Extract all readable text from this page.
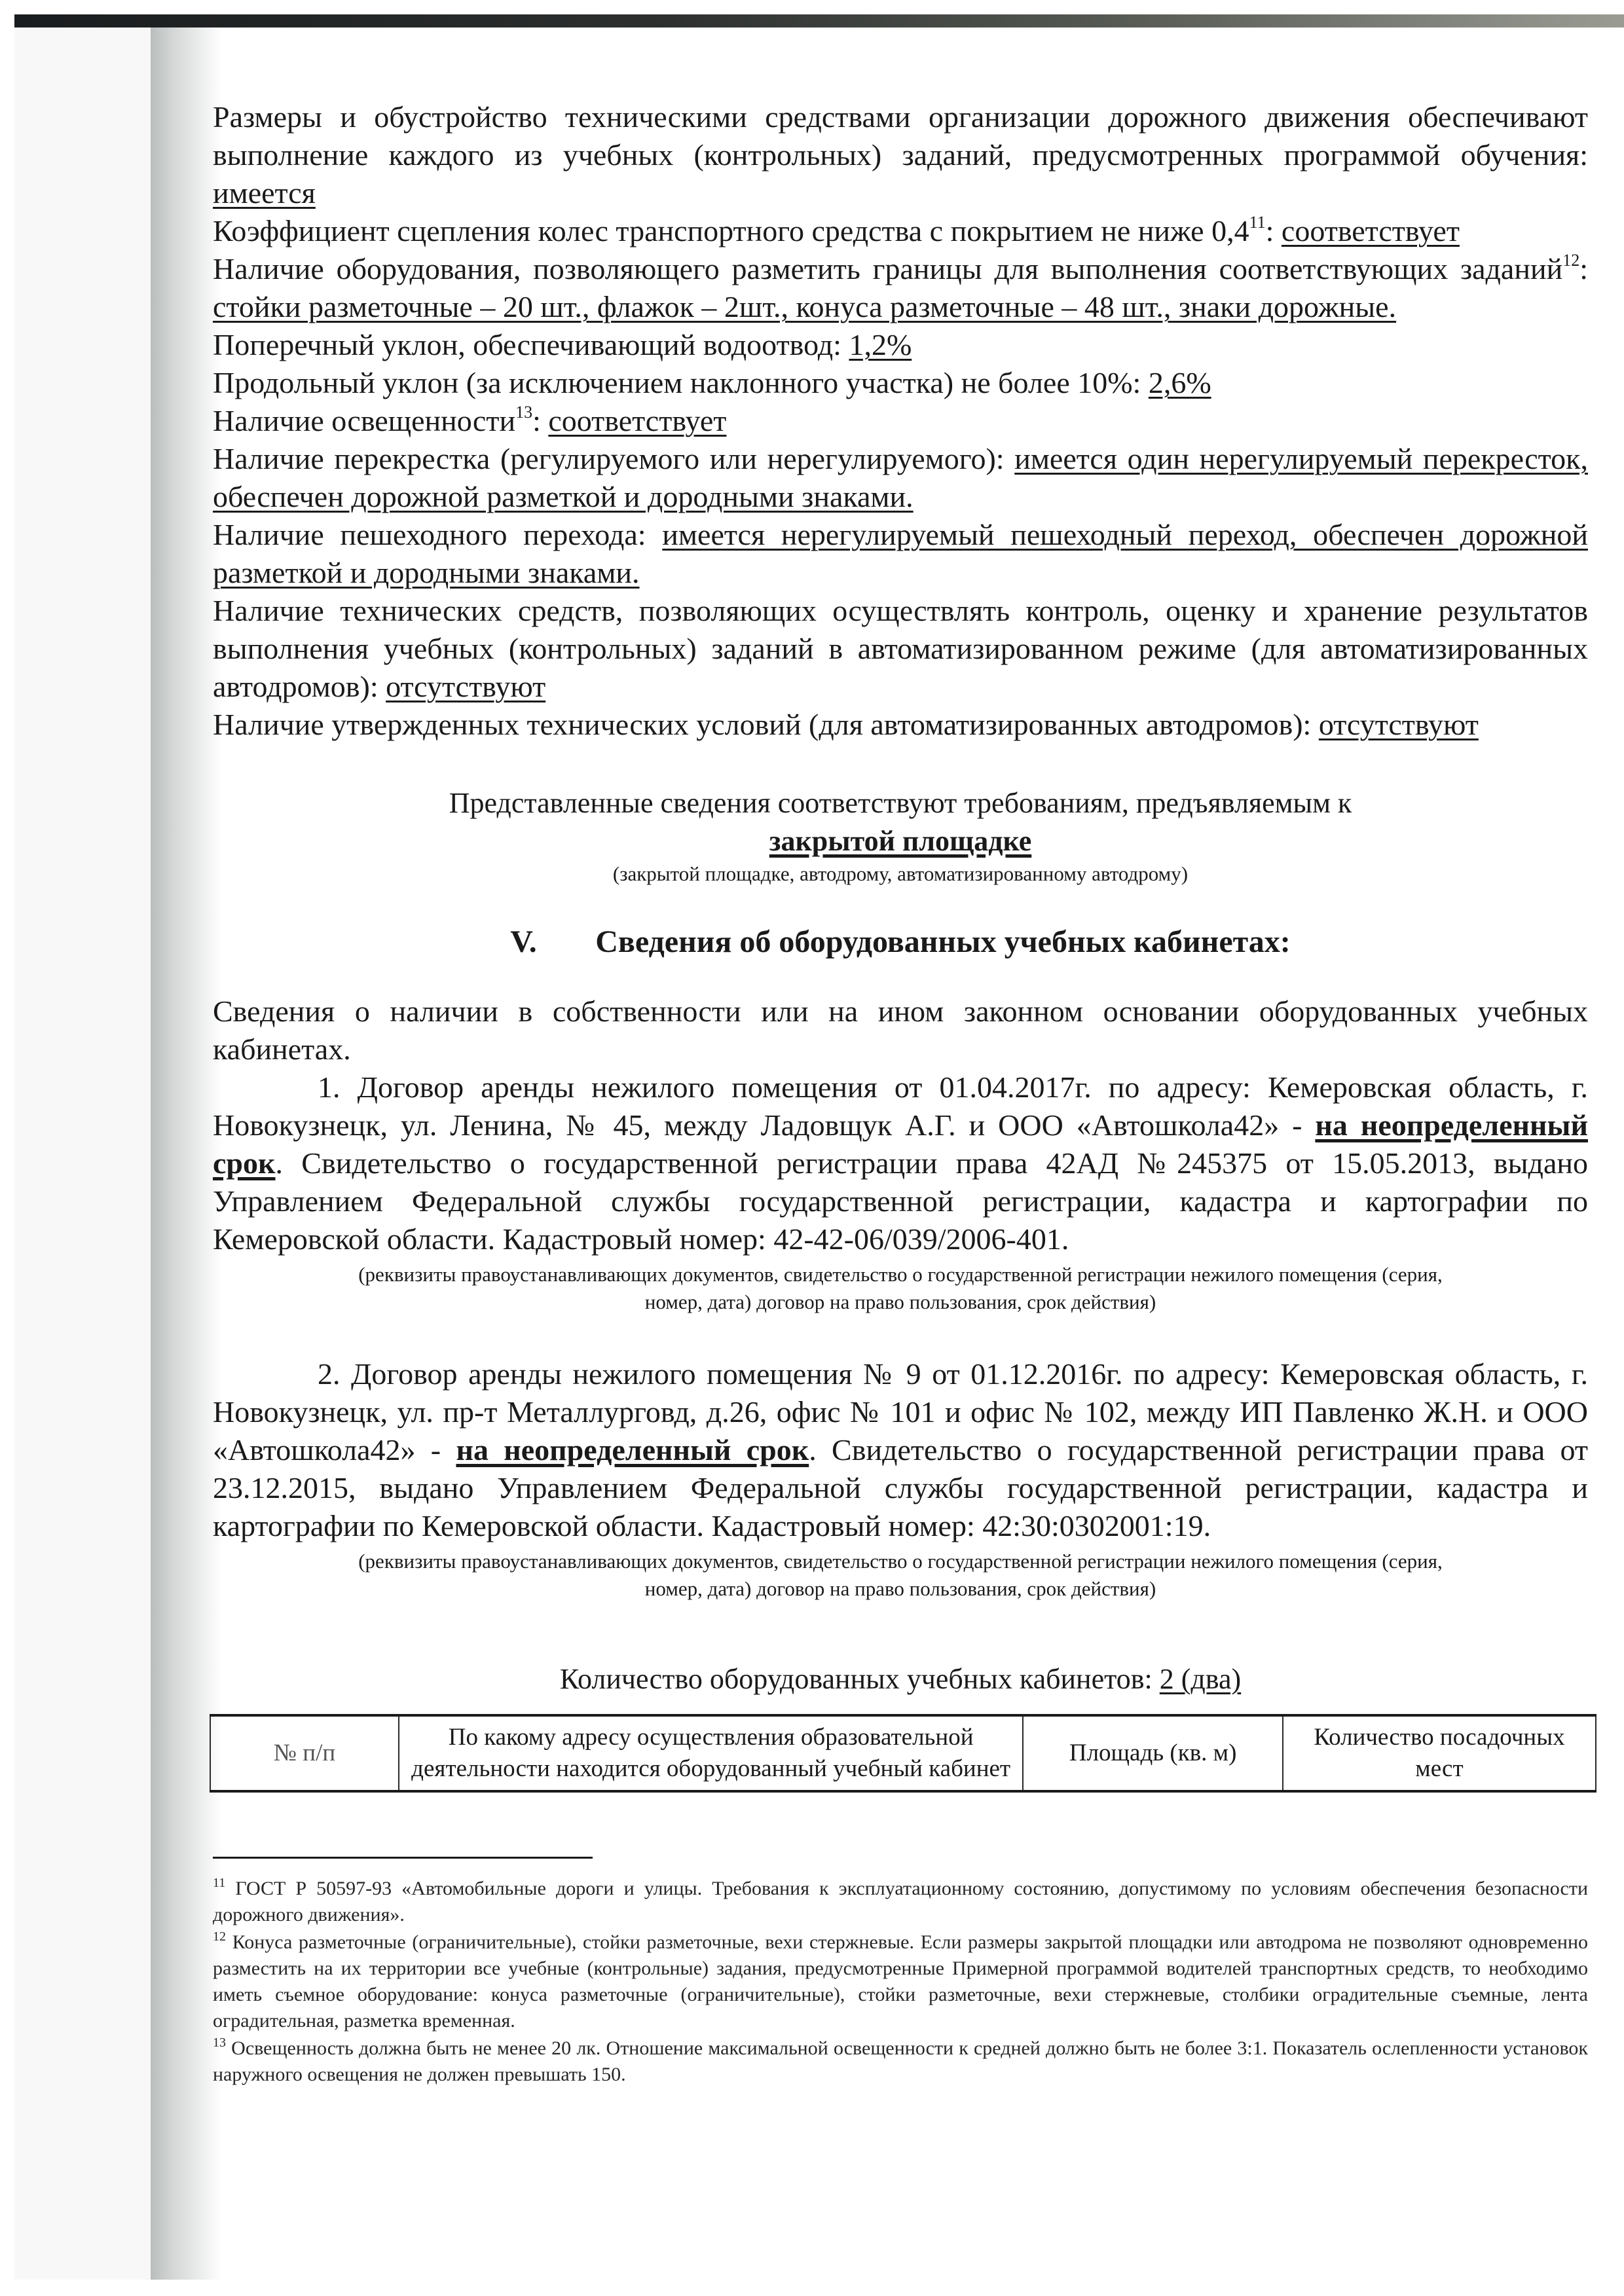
Размеры и обустройство техническими средствами организации дорожного движения обеспечивают выполнение каждого из учебных (контрольных) заданий, предусмотренных программой обучения: имеется

Коэффициент сцепления колес транспортного средства с покрытием не ниже $0,4^{11}$: соответствует

Наличие оборудования, позволяющего разметить границы для выполнения соответствующих заданий$^{12}$: стойки разметочные – 20 шт., флажок – 2шт., конуса разметочные – 48 шт., знаки дорожные.

Поперечный уклон, обеспечивающий водоотвод: 1,2%

Продольный уклон (за исключением наклонного участка) не более 10%: 2,6%

Наличие освещенности$^{13}$: соответствует

Наличие перекрестка (регулируемого или нерегулируемого): имеется один нерегулируемый перекресток, обеспечен дорожной разметкой и дородными знаками.

Наличие пешеходного перехода: имеется нерегулируемый пешеходный переход, обеспечен дорожной разметкой и дородными знаками.

Наличие технических средств, позволяющих осуществлять контроль, оценку и хранение результатов выполнения учебных (контрольных) заданий в автоматизированном режиме (для автоматизированных автодромов): отсутствуют

Наличие утвержденных технических условий (для автоматизированных автодромов): отсутствуют

Представленные сведения соответствуют требованиям, предъявляемым к

закрытой площадке

(закрытой площадке, автодрому, автоматизированному автодрому)

V. Сведения об оборудованных учебных кабинетах:

Сведения о наличии в собственности или на ином законном основании оборудованных учебных кабинетах.

1. Договор аренды нежилого помещения от 01.04.2017г. по адресу: Кемеровская область, г. Новокузнецк, ул. Ленина, № 45, между Ладовщук А.Г. и ООО «Автошкола42» - на неопределенный срок. Свидетельство о государственной регистрации права 42АД №245375 от 15.05.2013, выдано Управлением Федеральной службы государственной регистрации, кадастра и картографии по Кемеровской области. Кадастровый номер: 42-42-06/039/2006-401.

(реквизиты правоустанавливающих документов, свидетельство о государственной регистрации нежилого помещения (серия,
номер, дата) договор на право пользования, срок действия)

2. Договор аренды нежилого помещения № 9 от 01.12.2016г. по адресу: Кемеровская область, г. Новокузнецк, ул. пр-т Металлурговд, д.26, офис № 101 и офис № 102, между ИП Павленко Ж.Н. и ООО «Автошкола42» - на неопределенный срок. Свидетельство о государственной регистрации права от 23.12.2015, выдано Управлением Федеральной службы государственной регистрации, кадастра и картографии по Кемеровской области. Кадастровый номер: 42:30:0302001:19.

(реквизиты правоустанавливающих документов, свидетельство о государственной регистрации нежилого помещения (серия,
номер, дата) договор на право пользования, срок действия)

Количество оборудованных учебных кабинетов: 2 (два)

№ п/п	По какому адресу осуществления образовательной деятельности находится оборудованный учебный кабинет	Площадь (кв. м)	Количество посадочных мест

$^{11}$ ГОСТ Р 50597-93 «Автомобильные дороги и улицы. Требования к эксплуатационному состоянию, допустимому по условиям обеспечения безопасности дорожного движения».

$^{12}$ Конуса разметочные (ограничительные), стойки разметочные, вехи стержневые. Если размеры закрытой площадки или автодрома не позволяют одновременно разместить на их территории все учебные (контрольные) задания, предусмотренные Примерной программой водителей транспортных средств, то необходимо иметь съемное оборудование: конуса разметочные (ограничительные), стойки разметочные, вехи стержневые, столбики оградительные съемные, лента оградительная, разметка временная.

$^{13}$ Освещенность должна быть не менее 20 лк. Отношение максимальной освещенности к средней должно быть не более 3:1. Показатель ослепленности установок наружного освещения не должен превышать 150.
